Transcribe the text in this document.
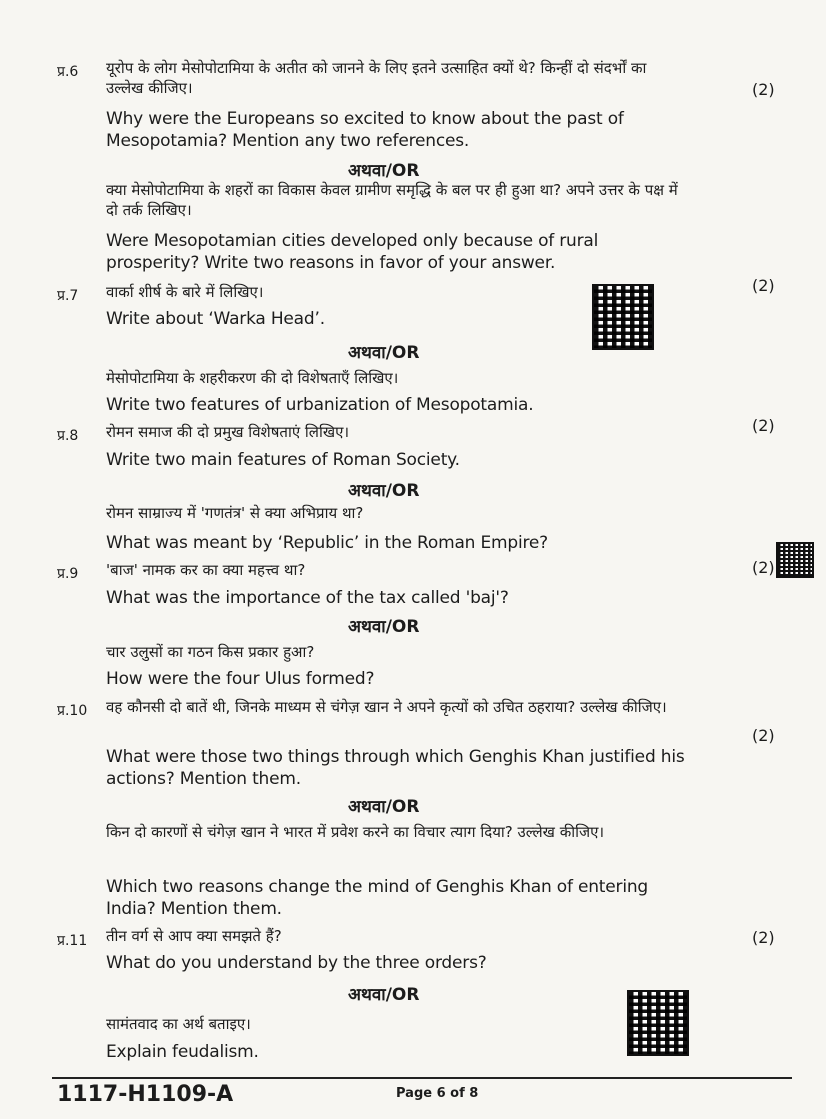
प्र.6
(2)
यूरोप के लोग मेसोपोटामिया के अतीत को जानने के लिए इतने उत्साहित क्यों थे? किन्हीं दो संदर्भों का उल्लेख कीजिए।
Why were the Europeans so excited to know about the past of Mesopotamia? Mention any two references.
अथवा/OR
क्या मेसोपोटामिया के शहरों का विकास केवल ग्रामीण समृद्धि के बल पर ही हुआ था? अपने उत्तर के पक्ष में दो तर्क लिखिए।
Were Mesopotamian cities developed only because of rural prosperity? Write two reasons in favor of your answer.
प्र.7
(2)
वार्का शीर्ष के बारे में लिखिए।
Write about ‘Warka Head’.
अथवा/OR
मेसोपोटामिया के शहरीकरण की दो विशेषताएँ लिखिए।
Write two features of urbanization of Mesopotamia.
प्र.8
(2)
रोमन समाज की दो प्रमुख विशेषताएं लिखिए।
Write two main features of Roman Society.
अथवा/OR
रोमन साम्राज्य में 'गणतंत्र' से क्या अभिप्राय था?
What was meant by ‘Republic’ in the Roman Empire?
प्र.9	(2)
'बाज' नामक कर का क्या महत्त्व था?
What was the importance of the tax called 'baj'?
अथवा/OR
चार उलुसों का गठन किस प्रकार हुआ?
How were the four Ulus formed?
प्र.10
(2)
वह कौनसी दो बातें थी, जिनके माध्यम से चंगेज़ खान ने अपने कृत्यों को उचित ठहराया? उल्लेख कीजिए।
What were those two things through which Genghis Khan justified his actions? Mention them.
अथवा/OR
किन दो कारणों से चंगेज़ खान ने भारत में प्रवेश करने का विचार त्याग दिया? उल्लेख कीजिए।
Which two reasons change the mind of Genghis Khan of entering India? Mention them.
प्र.11	(2)
तीन वर्ग से आप क्या समझते हैं?
What do you understand by the three orders?
अथवा/OR
सामंतवाद का अर्थ बताइए।
Explain feudalism.
1117-H1109-A	Page 6 of 8
